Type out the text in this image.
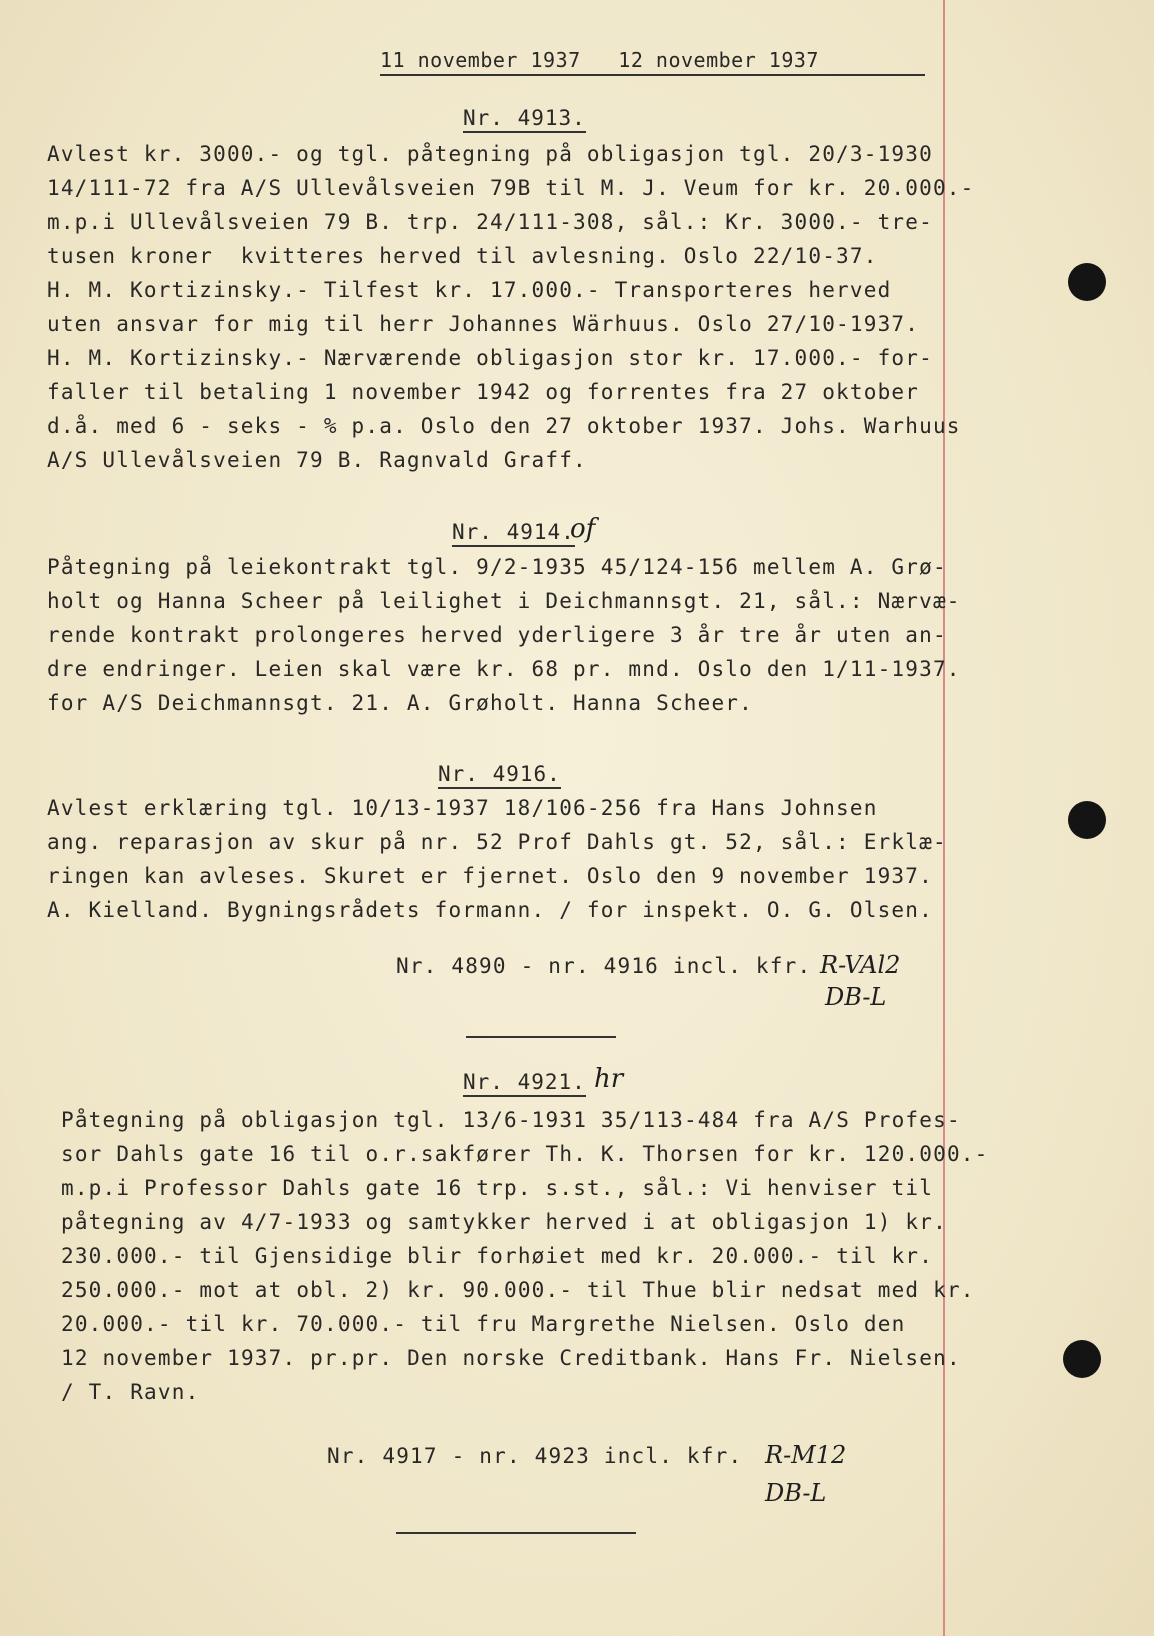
11 november 1937   12 november 1937
Nr. 4913.
Avlest kr. 3000.- og tgl. påtegning på obligasjon tgl. 20/3-1930
14/111-72 fra A/S Ullevålsveien 79B til M. J. Veum for kr. 20.000.-
m.p.i Ullevålsveien 79 B. trp. 24/111-308, sål.: Kr. 3000.- tre-
tusen kroner  kvitteres herved til avlesning. Oslo 22/10-37.
H. M. Kortizinsky.- Tilfest kr. 17.000.- Transporteres herved
uten ansvar for mig til herr Johannes Wärhuus. Oslo 27/10-1937.
H. M. Kortizinsky.- Nærværende obligasjon stor kr. 17.000.- for-
faller til betaling 1 november 1942 og forrentes fra 27 oktober
d.å. med 6 - seks - % p.a. Oslo den 27 oktober 1937. Johs. Warhuus
A/S Ullevålsveien 79 B. Ragnvald Graff.
Nr. 4914.
of
Påtegning på leiekontrakt tgl. 9/2-1935 45/124-156 mellem A. Grø-
holt og Hanna Scheer på leilighet i Deichmannsgt. 21, sål.: Nærvæ-
rende kontrakt prolongeres herved yderligere 3 år tre år uten an-
dre endringer. Leien skal være kr. 68 pr. mnd. Oslo den 1/11-1937.
for A/S Deichmannsgt. 21. A. Grøholt. Hanna Scheer.
Nr. 4916.
Avlest erklæring tgl. 10/13-1937 18/106-256 fra Hans Johnsen
ang. reparasjon av skur på nr. 52 Prof Dahls gt. 52, sål.: Erklæ-
ringen kan avleses. Skuret er fjernet. Oslo den 9 november 1937.
A. Kielland. Bygningsrådets formann. / for inspekt. O. G. Olsen.
Nr. 4890 - nr. 4916 incl. kfr. R-VAl2
DB-L
Nr. 4921. hr
Påtegning på obligasjon tgl. 13/6-1931 35/113-484 fra A/S Profes-
sor Dahls gate 16 til o.r.sakfører Th. K. Thorsen for kr. 120.000.-
m.p.i Professor Dahls gate 16 trp. s.st., sål.: Vi henviser til
påtegning av 4/7-1933 og samtykker herved i at obligasjon 1) kr.
230.000.- til Gjensidige blir forhøiet med kr. 20.000.- til kr.
250.000.- mot at obl. 2) kr. 90.000.- til Thue blir nedsat med kr.
20.000.- til kr. 70.000.- til fru Margrethe Nielsen. Oslo den
12 november 1937. pr.pr. Den norske Creditbank. Hans Fr. Nielsen.
/ T. Ravn.
Nr. 4917 - nr. 4923 incl. kfr. R-M12
DB-L
